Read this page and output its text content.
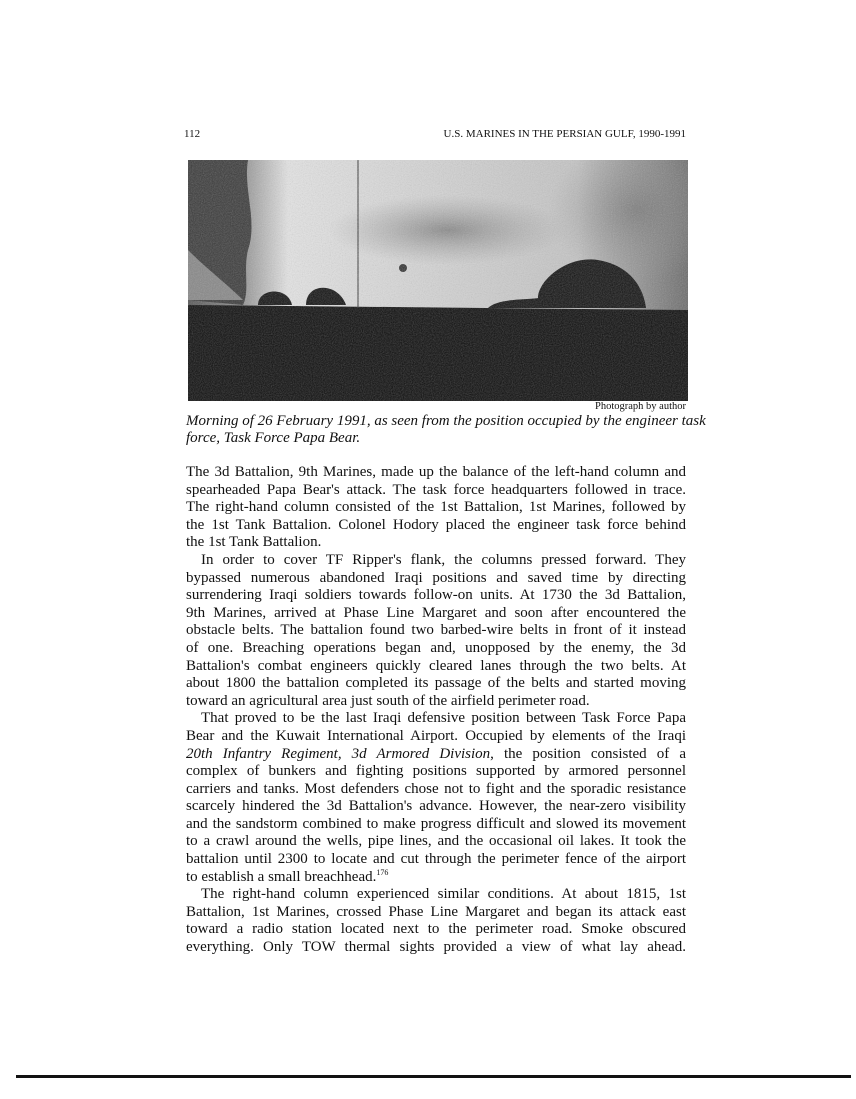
112	U.S. MARINES IN THE PERSIAN GULF, 1990-1991
Photograph by author
Morning of 26 February 1991, as seen from the position occupied by the engineer task
force, Task Force Papa Bear.
The 3d Battalion, 9th Marines, made up the balance of the left-hand column and
spearheaded Papa Bear's attack. The task force headquarters followed in trace.
The right-hand column consisted of the 1st Battalion, 1st Marines, followed by
the 1st Tank Battalion. Colonel Hodory placed the engineer task force behind
the 1st Tank Battalion.
In order to cover TF Ripper's flank, the columns pressed forward. They
bypassed numerous abandoned Iraqi positions and saved time by directing
surrendering Iraqi soldiers towards follow-on units. At 1730 the 3d Battalion,
9th Marines, arrived at Phase Line Margaret and soon after encountered the
obstacle belts. The battalion found two barbed-wire belts in front of it instead
of one. Breaching operations began and, unopposed by the enemy, the 3d
Battalion's combat engineers quickly cleared lanes through the two belts. At
about 1800 the battalion completed its passage of the belts and started moving
toward an agricultural area just south of the airfield perimeter road.
That proved to be the last Iraqi defensive position between Task Force Papa
Bear and the Kuwait International Airport. Occupied by elements of the Iraqi
20th Infantry Regiment, 3d Armored Division, the position consisted of a
complex of bunkers and fighting positions supported by armored personnel
carriers and tanks. Most defenders chose not to fight and the sporadic resistance
scarcely hindered the 3d Battalion's advance. However, the near-zero visibility
and the sandstorm combined to make progress difficult and slowed its movement
to a crawl around the wells, pipe lines, and the occasional oil lakes. It took the
battalion until 2300 to locate and cut through the perimeter fence of the airport
to establish a small breachhead.$^{176}$
The right-hand column experienced similar conditions. At about 1815, 1st
Battalion, 1st Marines, crossed Phase Line Margaret and began its attack east
toward a radio station located next to the perimeter road. Smoke obscured
everything. Only TOW thermal sights provided a view of what lay ahead.
